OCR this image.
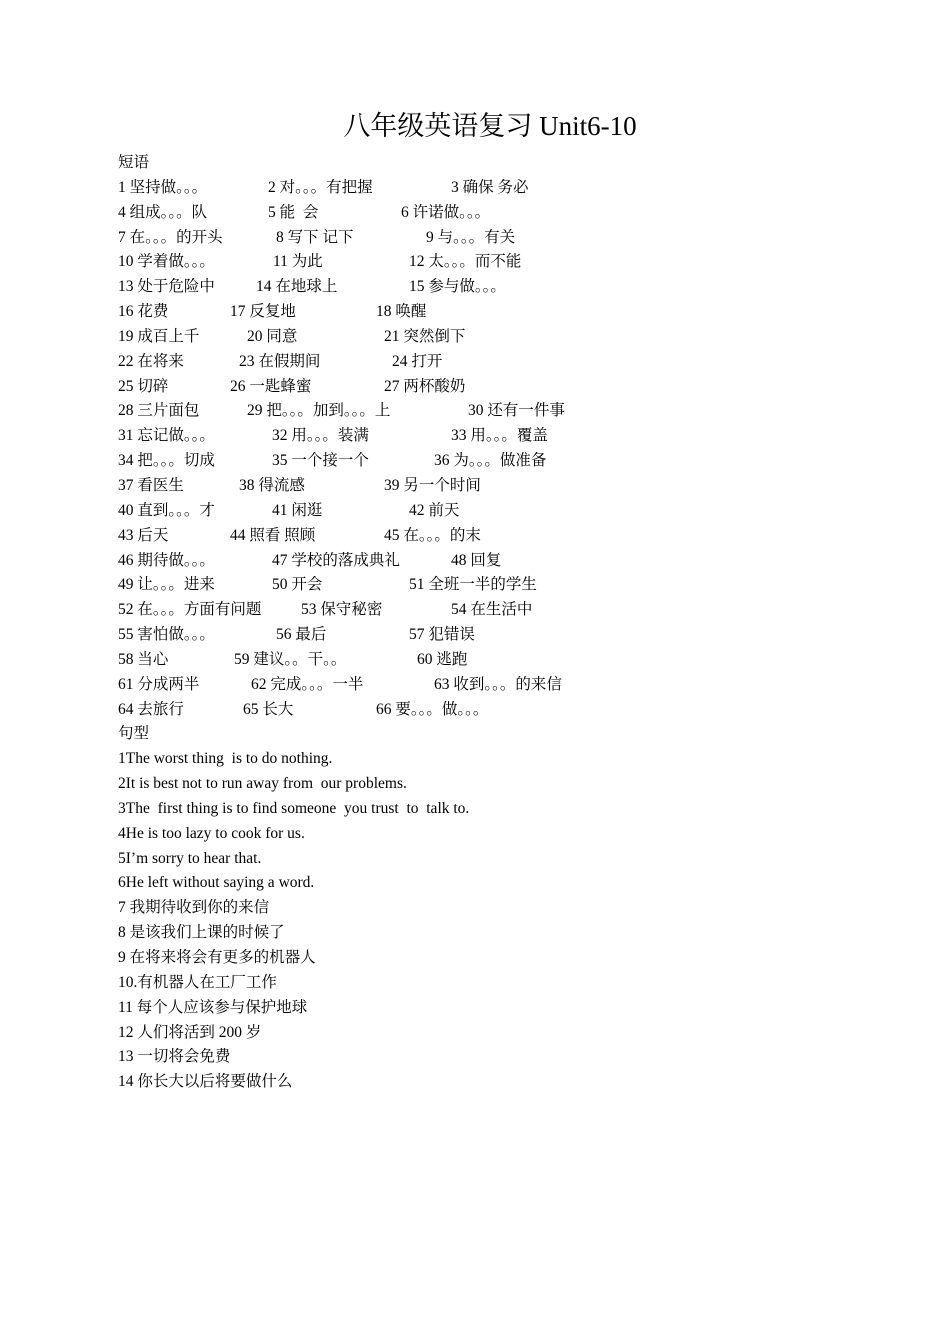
八年级英语复习 Unit6-10
短语
1 坚持做。。。	2 对。。。有把握	3 确保 务必
4 组成。。。队	5 能  会	6 许诺做。。。
7 在。。。的开头	8 写下 记下	9 与。。。有关
10 学着做。。。	11 为此	12 太。。。而不能
13 处于危险中	14 在地球上	15 参与做。。。
16 花费	17 反复地	18 唤醒
19 成百上千	20 同意	21 突然倒下
22 在将来	23 在假期间	24 打开
25 切碎	26 一匙蜂蜜	27 两杯酸奶
28 三片面包	29 把。。。加到。。。上	30 还有一件事
31 忘记做。。。	32 用。。。装满	33 用。。。覆盖
34 把。。。切成	35 一个接一个	36 为。。。做准备
37 看医生	38 得流感	39 另一个时间
40 直到。。。才	41 闲逛	42 前天
43 后天	44 照看 照顾	45 在。。。的末
46 期待做。。。	47 学校的落成典礼	48 回复
49 让。。。进来	50 开会	51 全班一半的学生
52 在。。。方面有问题	53 保守秘密	54 在生活中
55 害怕做。。。	56 最后	57 犯错误
58 当心	59 建议。。干。。	60 逃跑
61 分成两半	62 完成。。。一半	63 收到。。。的来信
64 去旅行	65 长大	66 要。。。做。。。
句型
1The worst thing  is to do nothing.
2It is best not to run away from  our problems.
3The  first thing is to find someone  you trust  to  talk to.
4He is too lazy to cook for us.
5I’m sorry to hear that.
6He left without saying a word.
7 我期待收到你的来信
8 是该我们上课的时候了
9 在将来将会有更多的机器人
10.有机器人在工厂工作
11 每个人应该参与保护地球
12 人们将活到 200 岁
13 一切将会免费
14 你长大以后将要做什么
